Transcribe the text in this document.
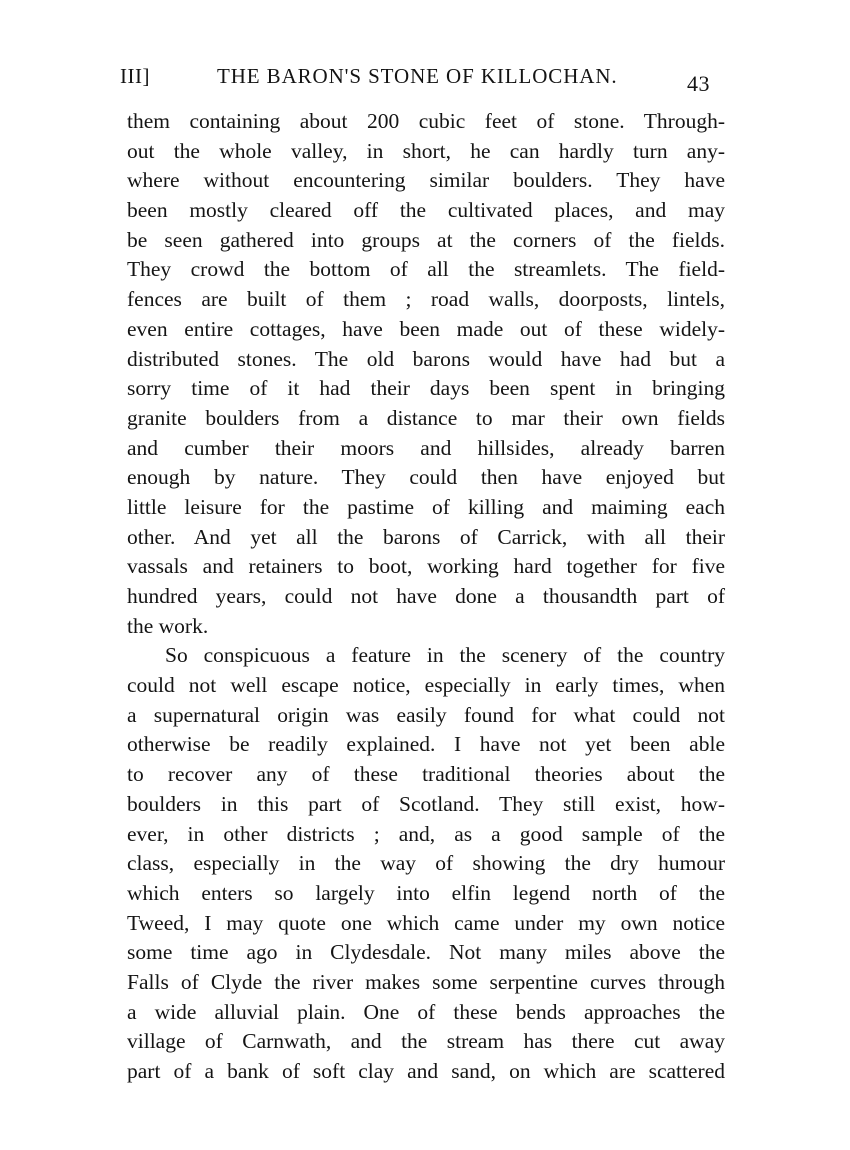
III]	THE BARON'S STONE OF KILLOCHAN.	43
them containing about 200 cubic feet of stone. Through-
out the whole valley, in short, he can hardly turn any-
where without encountering similar boulders. They have
been mostly cleared off the cultivated places, and may
be seen gathered into groups at the corners of the fields.
They crowd the bottom of all the streamlets. The field-
fences are built of them ; road walls, doorposts, lintels,
even entire cottages, have been made out of these widely-
distributed stones. The old barons would have had but a
sorry time of it had their days been spent in bringing
granite boulders from a distance to mar their own fields
and cumber their moors and hillsides, already barren
enough by nature. They could then have enjoyed but
little leisure for the pastime of killing and maiming each
other. And yet all the barons of Carrick, with all their
vassals and retainers to boot, working hard together for five
hundred years, could not have done a thousandth part of
the work.
So conspicuous a feature in the scenery of the country
could not well escape notice, especially in early times, when
a supernatural origin was easily found for what could not
otherwise be readily explained. I have not yet been able
to recover any of these traditional theories about the
boulders in this part of Scotland. They still exist, how-
ever, in other districts ; and, as a good sample of the
class, especially in the way of showing the dry humour
which enters so largely into elfin legend north of the
Tweed, I may quote one which came under my own notice
some time ago in Clydesdale. Not many miles above the
Falls of Clyde the river makes some serpentine curves through
a wide alluvial plain. One of these bends approaches the
village of Carnwath, and the stream has there cut away
part of a bank of soft clay and sand, on which are scattered
